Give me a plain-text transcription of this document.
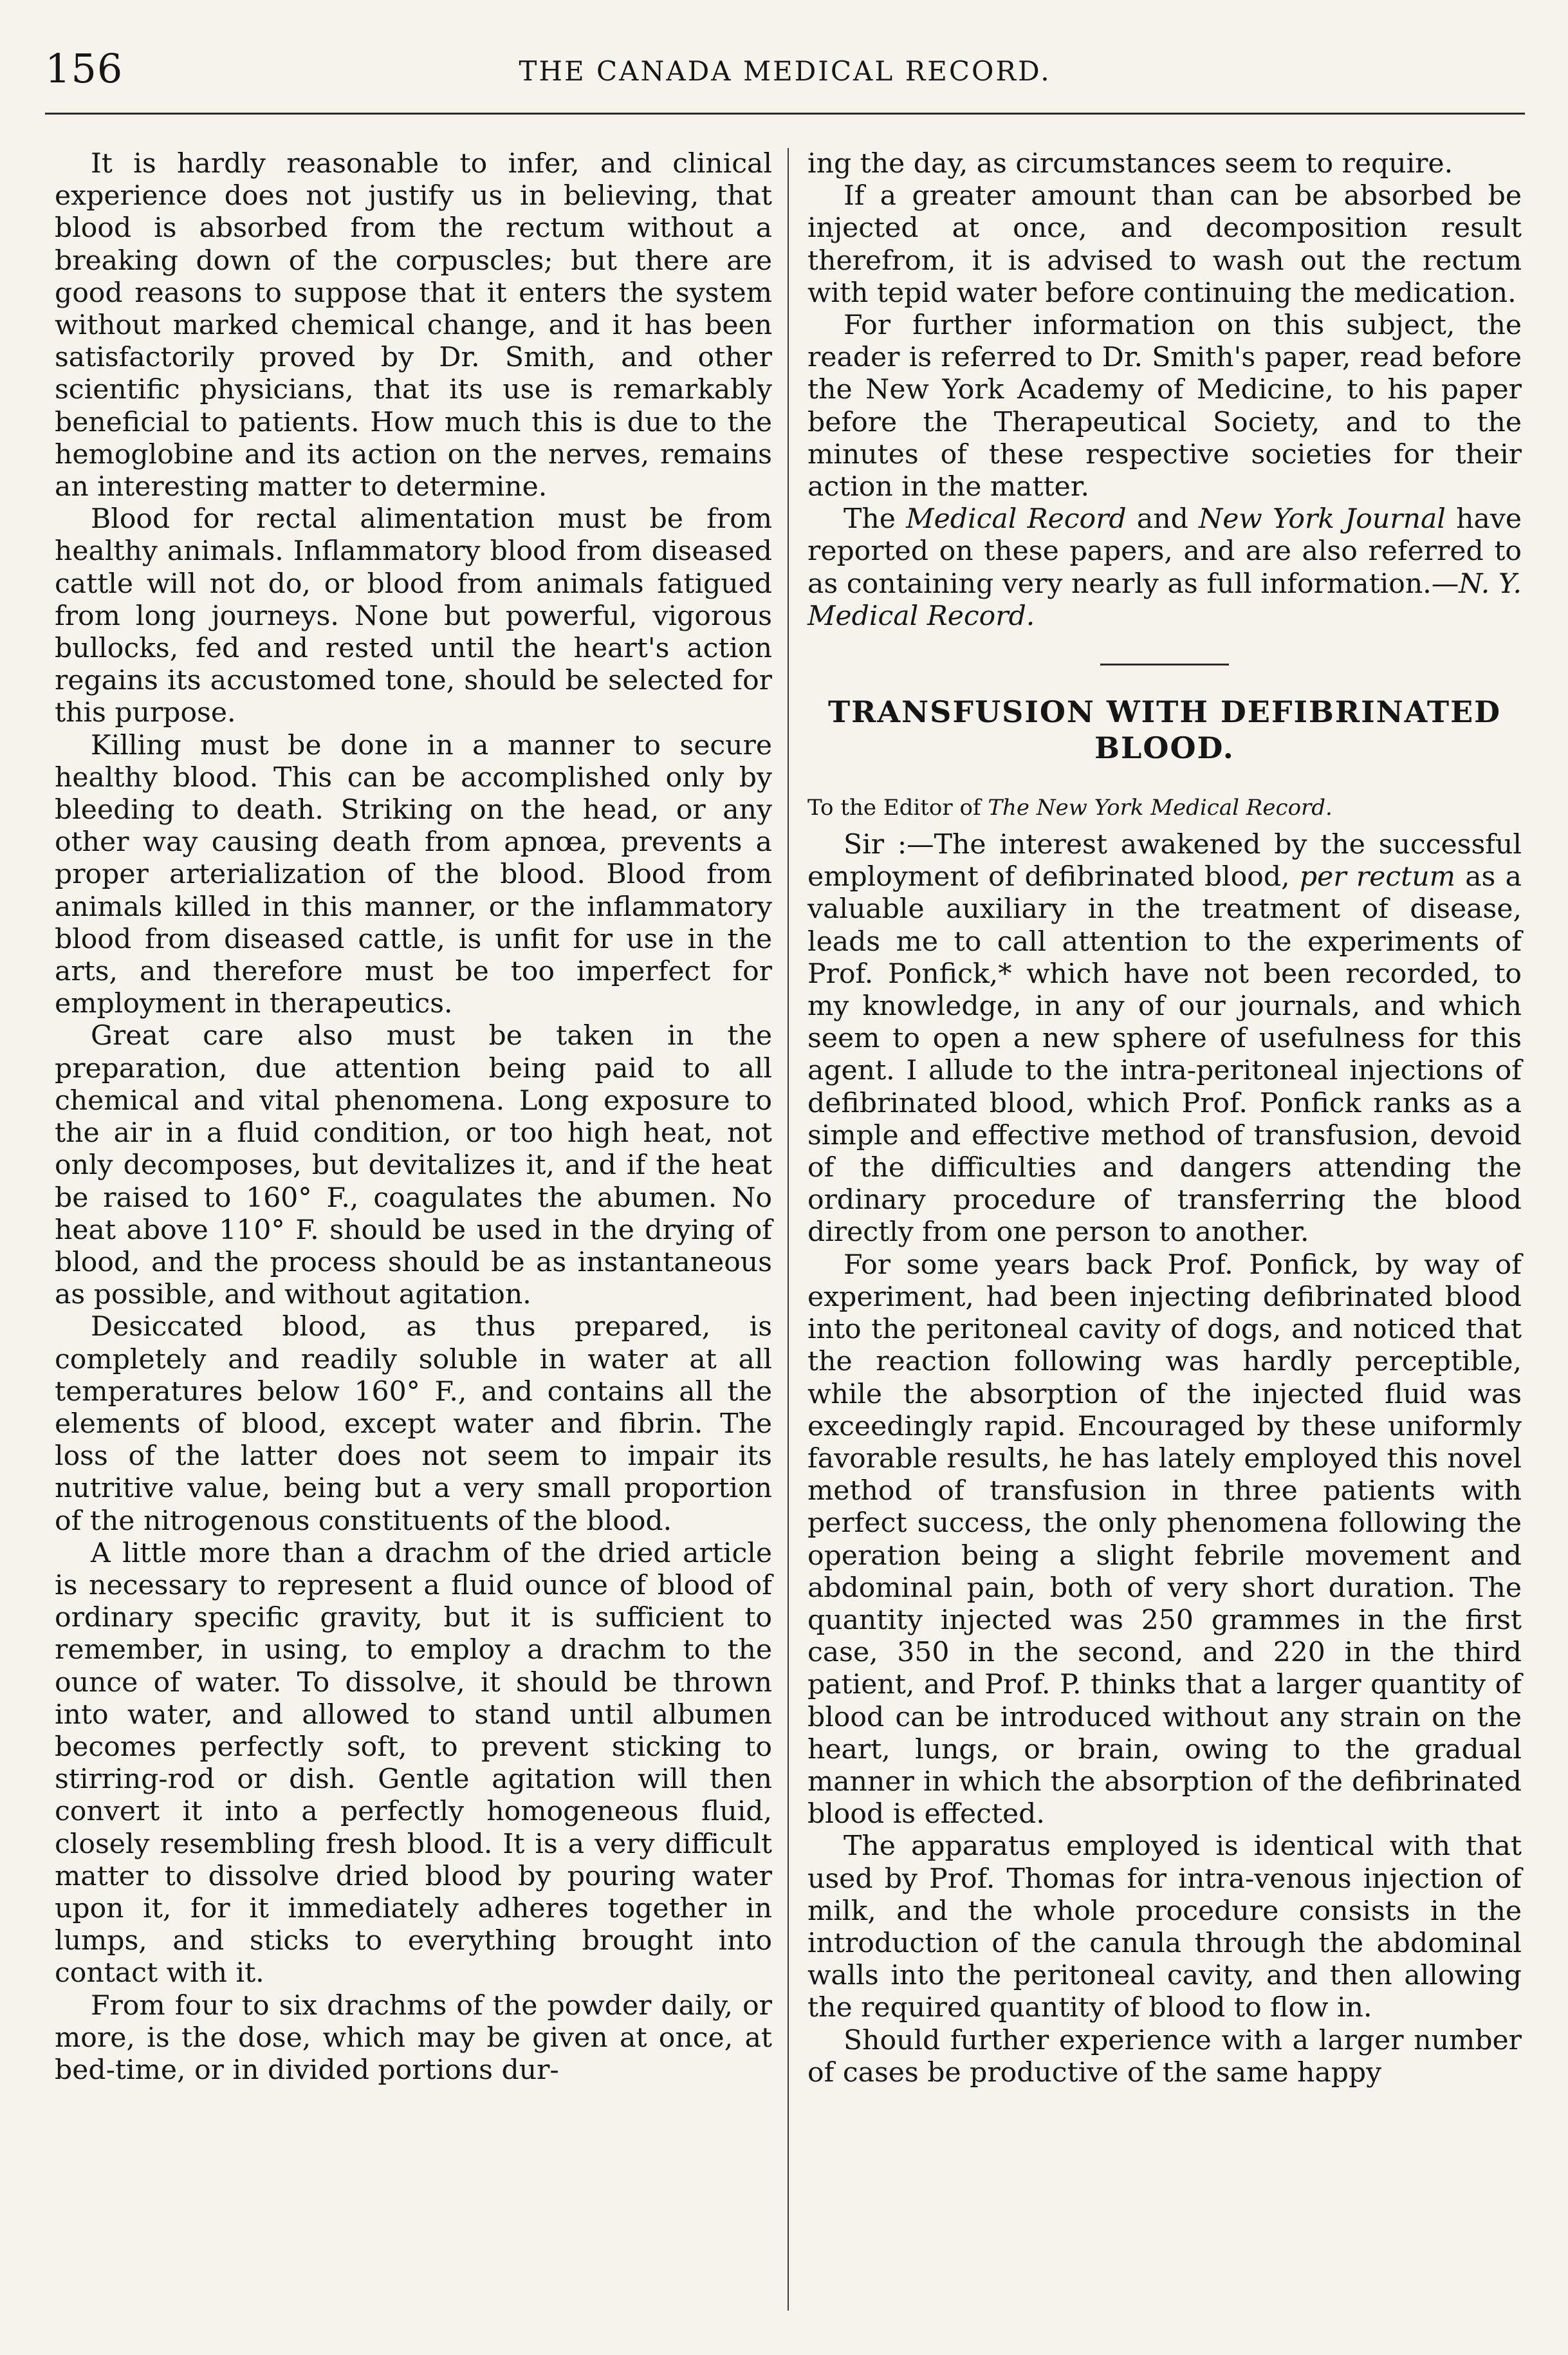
156	THE CANADA MEDICAL RECORD.

It is hardly reasonable to infer, and clinical experience does not justify us in believing, that blood is absorbed from the rectum without a breaking down of the corpuscles; but there are good reasons to suppose that it enters the system without marked chemical change, and it has been satisfactorily proved by Dr. Smith, and other scientific physicians, that its use is remarkably beneficial to patients. How much this is due to the hemoglobine and its action on the nerves, remains an interesting matter to determine.

Blood for rectal alimentation must be from healthy animals. Inflammatory blood from diseased cattle will not do, or blood from animals fatigued from long journeys. None but powerful, vigorous bullocks, fed and rested until the heart's action regains its accustomed tone, should be selected for this purpose.

Killing must be done in a manner to secure healthy blood. This can be accomplished only by bleeding to death. Striking on the head, or any other way causing death from apnœa, prevents a proper arterialization of the blood. Blood from animals killed in this manner, or the inflammatory blood from diseased cattle, is unfit for use in the arts, and therefore must be too imperfect for employment in therapeutics.

Great care also must be taken in the preparation, due attention being paid to all chemical and vital phenomena. Long exposure to the air in a fluid condition, or too high heat, not only decomposes, but devitalizes it, and if the heat be raised to 160° F., coagulates the abumen. No heat above 110° F. should be used in the drying of blood, and the process should be as instantaneous as possible, and without agitation.

Desiccated blood, as thus prepared, is completely and readily soluble in water at all temperatures below 160° F., and contains all the elements of blood, except water and fibrin. The loss of the latter does not seem to impair its nutritive value, being but a very small proportion of the nitrogenous constituents of the blood.

A little more than a drachm of the dried article is necessary to represent a fluid ounce of blood of ordinary specific gravity, but it is sufficient to remember, in using, to employ a drachm to the ounce of water. To dissolve, it should be thrown into water, and allowed to stand until albumen becomes perfectly soft, to prevent sticking to stirring-rod or dish. Gentle agitation will then convert it into a perfectly homogeneous fluid, closely resembling fresh blood. It is a very difficult matter to dissolve dried blood by pouring water upon it, for it immediately adheres together in lumps, and sticks to everything brought into contact with it.

From four to six drachms of the powder daily, or more, is the dose, which may be given at once, at bed-time, or in divided portions dur-

ing the day, as circumstances seem to require.

If a greater amount than can be absorbed be injected at once, and decomposition result therefrom, it is advised to wash out the rectum with tepid water before continuing the medication.

For further information on this subject, the reader is referred to Dr. Smith's paper, read before the New York Academy of Medicine, to his paper before the Therapeutical Society, and to the minutes of these respective societies for their action in the matter.

The Medical Record and New York Journal have reported on these papers, and are also referred to as containing very nearly as full information.—N. Y. Medical Record.

TRANSFUSION WITH DEFIBRINATED BLOOD.

To the Editor of The New York Medical Record.

Sir :—The interest awakened by the successful employment of defibrinated blood, per rectum as a valuable auxiliary in the treatment of disease, leads me to call attention to the experiments of Prof. Ponfick,* which have not been recorded, to my knowledge, in any of our journals, and which seem to open a new sphere of usefulness for this agent. I allude to the intra-peritoneal injections of defibrinated blood, which Prof. Ponfick ranks as a simple and effective method of transfusion, devoid of the difficulties and dangers attending the ordinary procedure of transferring the blood directly from one person to another.

For some years back Prof. Ponfick, by way of experiment, had been injecting defibrinated blood into the peritoneal cavity of dogs, and noticed that the reaction following was hardly perceptible, while the absorption of the injected fluid was exceedingly rapid. Encouraged by these uniformly favorable results, he has lately employed this novel method of transfusion in three patients with perfect success, the only phenomena following the operation being a slight febrile movement and abdominal pain, both of very short duration. The quantity injected was 250 grammes in the first case, 350 in the second, and 220 in the third patient, and Prof. P. thinks that a larger quantity of blood can be introduced without any strain on the heart, lungs, or brain, owing to the gradual manner in which the absorption of the defibrinated blood is effected.

The apparatus employed is identical with that used by Prof. Thomas for intra-venous injection of milk, and the whole procedure consists in the introduction of the canula through the abdominal walls into the peritoneal cavity, and then allowing the required quantity of blood to flow in.

Should further experience with a larger number of cases be productive of the same happy
